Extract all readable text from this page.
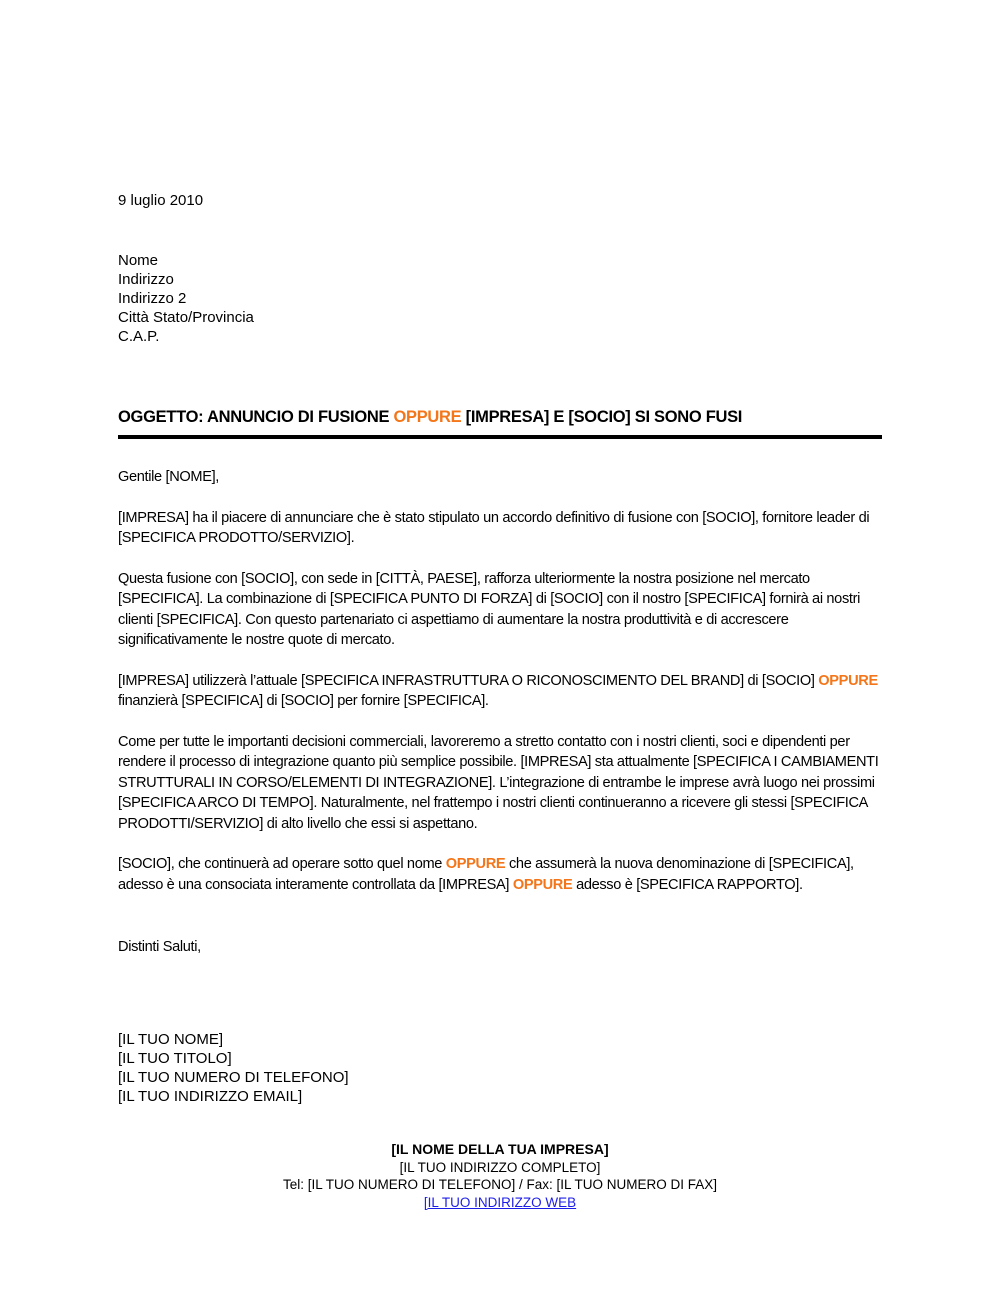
9 luglio 2010

Nome
Indirizzo
Indirizzo 2
Città Stato/Provincia
C.A.P.
OGGETTO: ANNUNCIO DI FUSIONE OPPURE [IMPRESA] E [SOCIO] SI SONO FUSI

Gentile [NOME],

[IMPRESA] ha il piacere di annunciare che è stato stipulato un accordo definitivo di fusione con [SOCIO], fornitore leader di [SPECIFICA PRODOTTO/SERVIZIO].

Questa fusione con [SOCIO], con sede in [CITTÀ, PAESE], rafforza ulteriormente la nostra posizione nel mercato [SPECIFICA]. La combinazione di [SPECIFICA PUNTO DI FORZA] di [SOCIO] con il nostro [SPECIFICA] fornirà ai nostri clienti [SPECIFICA]. Con questo partenariato ci aspettiamo di aumentare la nostra produttività e di accrescere significativamente le nostre quote di mercato.

[IMPRESA] utilizzerà l’attuale [SPECIFICA INFRASTRUTTURA O RICONOSCIMENTO DEL BRAND] di [SOCIO] OPPURE finanzierà [SPECIFICA] di [SOCIO] per fornire [SPECIFICA].

Come per tutte le importanti decisioni commerciali, lavoreremo a stretto contatto con i nostri clienti, soci e dipendenti per rendere il processo di integrazione quanto più semplice possibile. [IMPRESA] sta attualmente [SPECIFICA I CAMBIAMENTI STRUTTURALI IN CORSO/ELEMENTI DI INTEGRAZIONE]. L’integrazione di entrambe le imprese avrà luogo nei prossimi [SPECIFICA ARCO DI TEMPO]. Naturalmente, nel frattempo i nostri clienti continueranno a ricevere gli stessi [SPECIFICA PRODOTTI/SERVIZIO] di alto livello che essi si aspettano.

[SOCIO], che continuerà ad operare sotto quel nome OPPURE che assumerà la nuova denominazione di [SPECIFICA], adesso è una consociata interamente controllata da [IMPRESA] OPPURE adesso è [SPECIFICA RAPPORTO].

Distinti Saluti,

[IL TUO NOME]
[IL TUO TITOLO]
[IL TUO NUMERO DI TELEFONO]
[IL TUO INDIRIZZO EMAIL]
[IL NOME DELLA TUA IMPRESA]
[IL TUO INDIRIZZO COMPLETO]
Tel: [IL TUO NUMERO DI TELEFONO] / Fax: [IL TUO NUMERO DI FAX]
[IL TUO INDIRIZZO WEB
